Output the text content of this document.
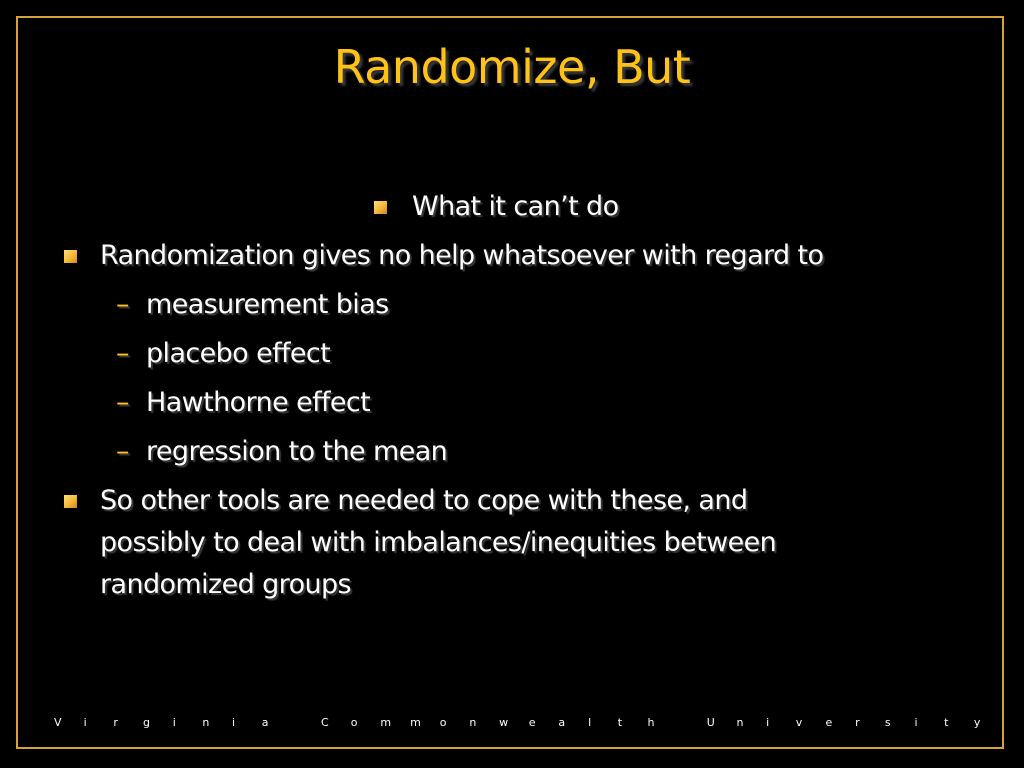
Randomize, But
What it can’t do
Randomization gives no help whatsoever with regard to
– measurement bias
– placebo effect
– Hawthorne effect
– regression to the mean
So other tools are needed to cope with these, and
possibly to deal with imbalances/inequities between
randomized groups
V i r g i n i a
	C o m m o n w e a l t h
	U n i v e r s i t y
